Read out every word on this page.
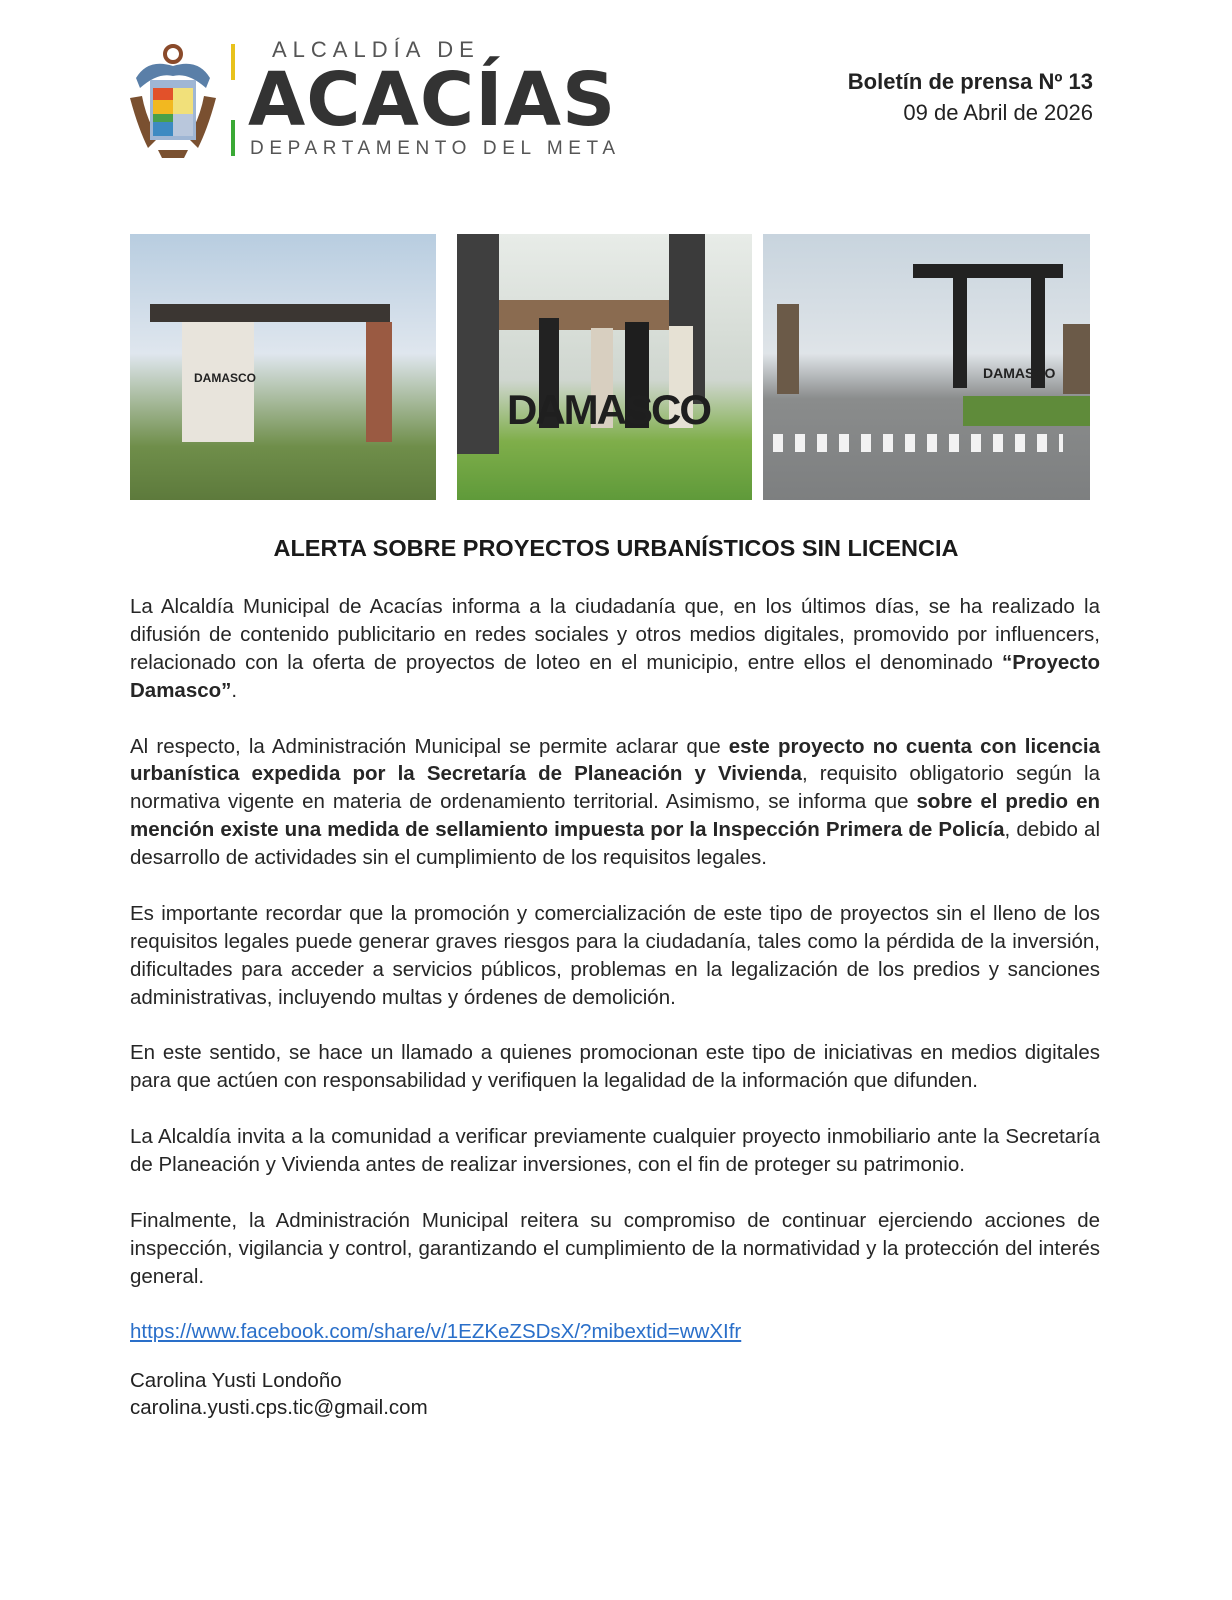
ALCALDÍA DE
ACACÍAS
DEPARTAMENTO DEL META
Boletín de prensa Nº 13
09 de Abril de 2026
DAMASCO
DAMASCO
DAMASCO
ALERTA SOBRE PROYECTOS URBANÍSTICOS SIN LICENCIA

La Alcaldía Municipal de Acacías informa a la ciudadanía que, en los últimos días, se ha realizado la difusión de contenido publicitario en redes sociales y otros medios digitales, promovido por influencers, relacionado con la oferta de proyectos de loteo en el municipio, entre ellos el denominado “Proyecto Damasco”.

Al respecto, la Administración Municipal se permite aclarar que este proyecto no cuenta con licencia urbanística expedida por la Secretaría de Planeación y Vivienda, requisito obligatorio según la normativa vigente en materia de ordenamiento territorial. Asimismo, se informa que sobre el predio en mención existe una medida de sellamiento impuesta por la Inspección Primera de Policía, debido al desarrollo de actividades sin el cumplimiento de los requisitos legales.

Es importante recordar que la promoción y comercialización de este tipo de proyectos sin el lleno de los requisitos legales puede generar graves riesgos para la ciudadanía, tales como la pérdida de la inversión, dificultades para acceder a servicios públicos, problemas en la legalización de los predios y sanciones administrativas, incluyendo multas y órdenes de demolición.

En este sentido, se hace un llamado a quienes promocionan este tipo de iniciativas en medios digitales para que actúen con responsabilidad y verifiquen la legalidad de la información que difunden.

La Alcaldía invita a la comunidad a verificar previamente cualquier proyecto inmobiliario ante la Secretaría de Planeación y Vivienda antes de realizar inversiones, con el fin de proteger su patrimonio.

Finalmente, la Administración Municipal reitera su compromiso de continuar ejerciendo acciones de inspección, vigilancia y control, garantizando el cumplimiento de la normatividad y la protección del interés general.

https://www.facebook.com/share/v/1EZKeZSDsX/?mibextid=wwXIfr
Carolina Yusti Londoño
carolina.yusti.cps.tic@gmail.com
